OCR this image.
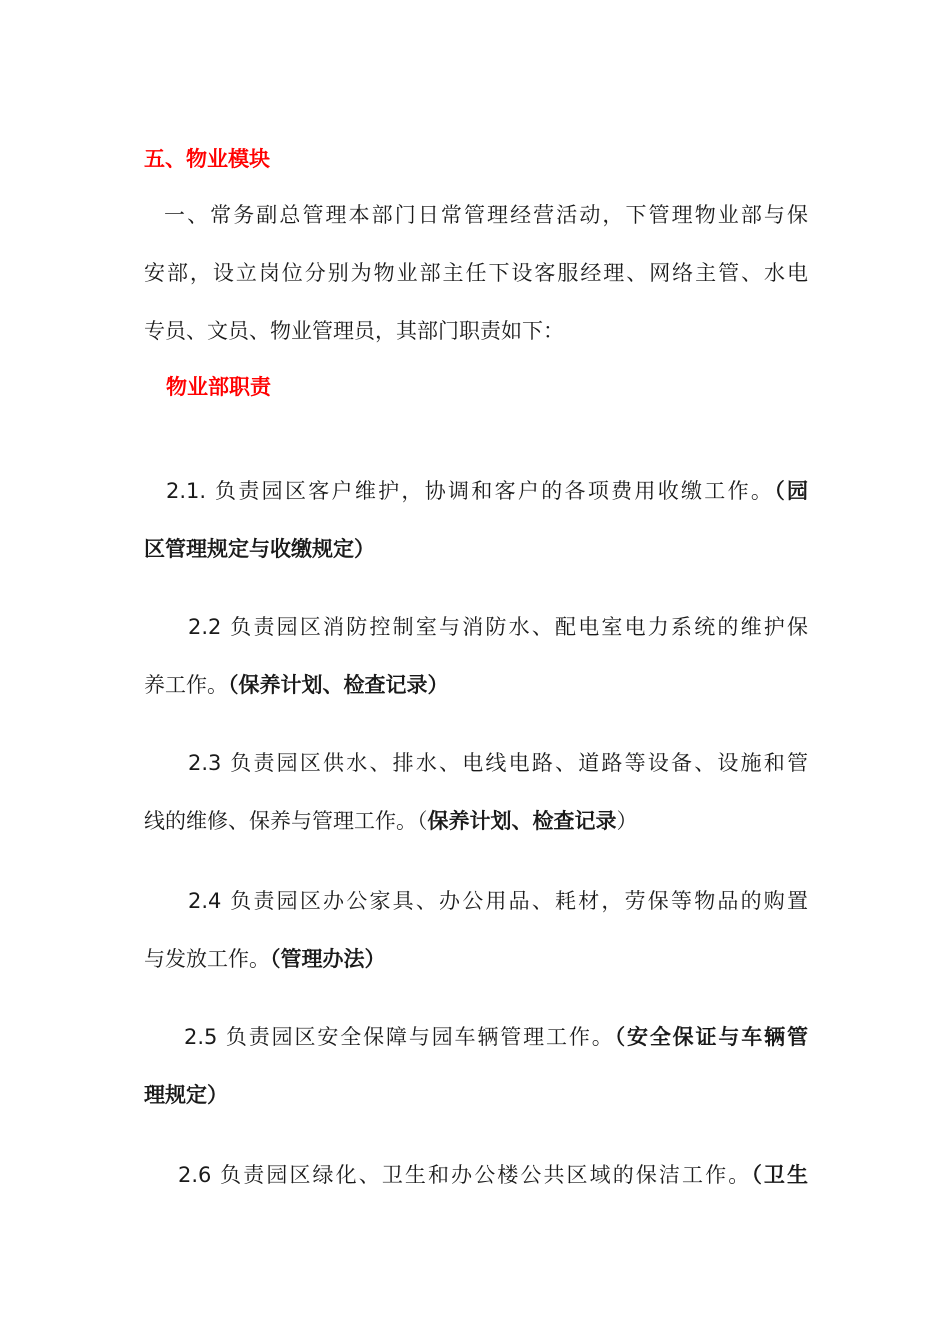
五、物业模块
一、常务副总管理本部门日常管理经营活动，下管理物业部与保
安部，设立岗位分别为物业部主任下设客服经理、网络主管、水电
专员、文员、物业管理员，其部门职责如下：
物业部职责
2.1. 负责园区客户维护，协调和客户的各项费用收缴工作。（园
区管理规定与收缴规定）
2.2 负责园区消防控制室与消防水、配电室电力系统的维护保
养工作。（保养计划、检查记录）
2.3 负责园区供水、排水、电线电路、道路等设备、设施和管
线的维修、保养与管理工作。（保养计划、检查记录）
2.4 负责园区办公家具、办公用品、耗材，劳保等物品的购置
与发放工作。（管理办法）
2.5 负责园区安全保障与园车辆管理工作。（安全保证与车辆管
理规定）
2.6 负责园区绿化、卫生和办公楼公共区域的保洁工作。（卫生
